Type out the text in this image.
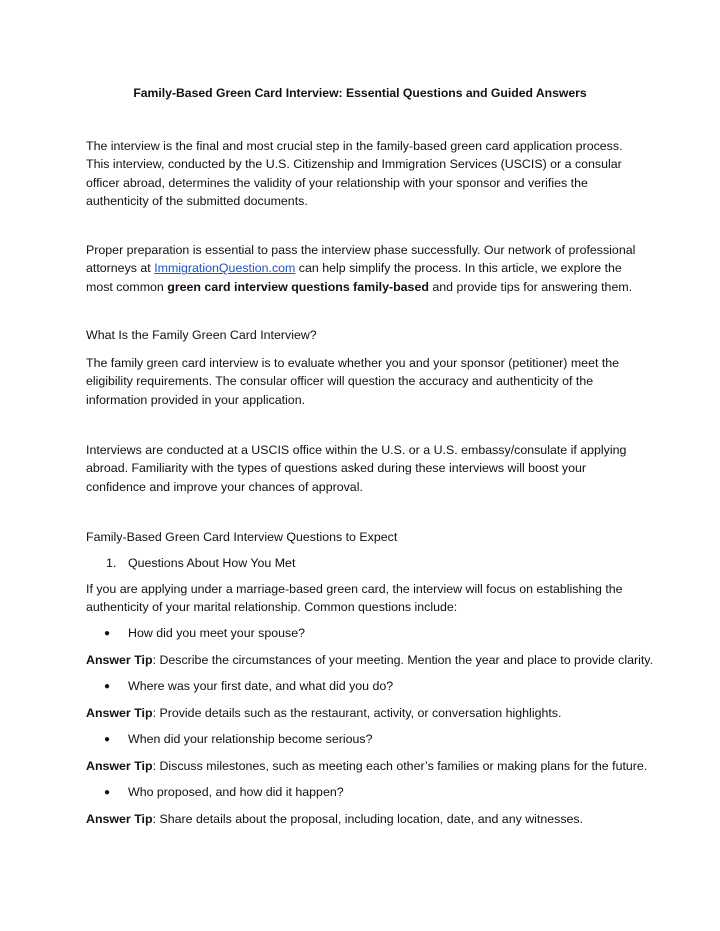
Family-Based Green Card Interview: Essential Questions and Guided Answers

The interview is the final and most crucial step in the family-based green card application process. This interview, conducted by the U.S. Citizenship and Immigration Services (USCIS) or a consular officer abroad, determines the validity of your relationship with your sponsor and verifies the authenticity of the submitted documents.

Proper preparation is essential to pass the interview phase successfully. Our network of professional attorneys at ImmigrationQuestion.com can help simplify the process. In this article, we explore the most common green card interview questions family-based and provide tips for answering them.

What Is the Family Green Card Interview?

The family green card interview is to evaluate whether you and your sponsor (petitioner) meet the eligibility requirements. The consular officer will question the accuracy and authenticity of the information provided in your application.

Interviews are conducted at a USCIS office within the U.S. or a U.S. embassy/consulate if applying abroad. Familiarity with the types of questions asked during these interviews will boost your confidence and improve your chances of approval.

Family-Based Green Card Interview Questions to Expect

1. Questions About How You Met

If you are applying under a marriage-based green card, the interview will focus on establishing the authenticity of your marital relationship. Common questions include:

● How did you meet your spouse?
Answer Tip: Describe the circumstances of your meeting. Mention the year and place to provide clarity.
● Where was your first date, and what did you do?
Answer Tip: Provide details such as the restaurant, activity, or conversation highlights.
● When did your relationship become serious?
Answer Tip: Discuss milestones, such as meeting each other’s families or making plans for the future.
● Who proposed, and how did it happen?
Answer Tip: Share details about the proposal, including location, date, and any witnesses.
